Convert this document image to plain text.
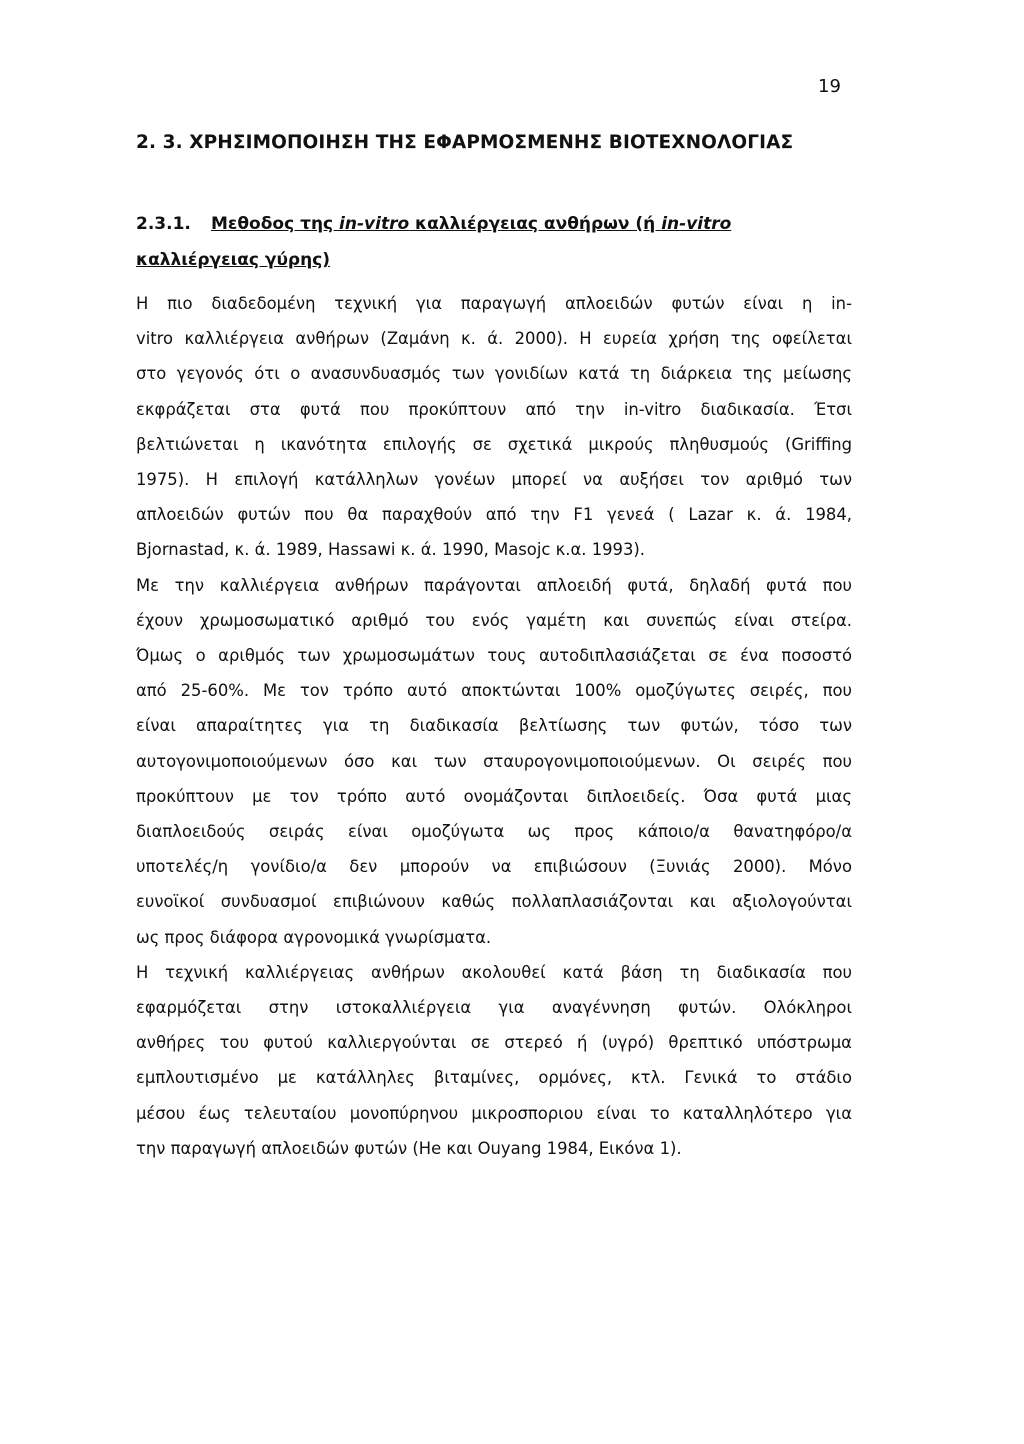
19
2. 3. ΧΡΗΣΙΜΟΠΟΙΗΣΗ ΤΗΣ ΕΦΑΡΜΟΣΜΕΝΗΣ ΒΙΟΤΕΧΝΟΛΟΓΙΑΣ
2.3.1. Μεθοδος της in-vitro καλλιέργειας ανθήρων (ή in-vitro
καλλιέργειας γύρης)
Η πιο διαδεδομένη τεχνική για παραγωγή απλοειδών φυτών είναι η in-
vitro καλλιέργεια ανθήρων (Ζαμάνη κ. ά. 2000). Η ευρεία χρήση της οφείλεται
στο γεγονός ότι ο ανασυνδυασμός των γονιδίων κατά τη διάρκεια της μείωσης
εκφράζεται στα φυτά που προκύπτουν από την in-vitro διαδικασία. Έτσι
βελτιώνεται η ικανότητα επιλογής σε σχετικά μικρούς πληθυσμούς (Griffing
1975). Η επιλογή κατάλληλων γονέων μπορεί να αυξήσει τον αριθμό των
απλοειδών φυτών που θα παραχθούν από την F1 γενεά ( Lazar κ. ά. 1984,
Bjornastad, κ. ά. 1989, Hassawi κ. ά. 1990, Masojc κ.α. 1993).
Με την καλλιέργεια ανθήρων παράγονται απλοειδή φυτά, δηλαδή φυτά που
έχουν χρωμοσωματικό αριθμό του ενός γαμέτη και συνεπώς είναι στείρα.
Όμως ο αριθμός των χρωμοσωμάτων τους αυτοδιπλασιάζεται σε ένα ποσοστό
από 25-60%. Με τον τρόπο αυτό αποκτώνται 100% ομοζύγωτες σειρές, που
είναι απαραίτητες για τη διαδικασία βελτίωσης των φυτών, τόσο των
αυτογονιμοποιούμενων όσο και των σταυρογονιμοποιούμενων. Οι σειρές που
προκύπτουν με τον τρόπο αυτό ονομάζονται διπλοειδείς. Όσα φυτά μιας
διαπλοειδούς σειράς είναι ομοζύγωτα ως προς κάποιο/α θανατηφόρο/α
υποτελές/η γονίδιο/α δεν μπορούν να επιβιώσουν (Ξυνιάς 2000). Μόνο
ευνοϊκοί συνδυασμοί επιβιώνουν καθώς πολλαπλασιάζονται και αξιολογούνται
ως προς διάφορα αγρονομικά γνωρίσματα.
Η τεχνική καλλιέργειας ανθήρων ακολουθεί κατά βάση τη διαδικασία που
εφαρμόζεται στην ιστοκαλλιέργεια για αναγέννηση φυτών. Ολόκληροι
ανθήρες του φυτού καλλιεργούνται σε στερεό ή (υγρό) θρεπτικό υπόστρωμα
εμπλουτισμένο με κατάλληλες βιταμίνες, ορμόνες, κτλ. Γενικά το στάδιο
μέσου έως τελευταίου μονοπύρηνου μικροσποριου είναι το καταλληλότερο για
την παραγωγή απλοειδών φυτών (He και Ouyang 1984, Εικόνα 1).
